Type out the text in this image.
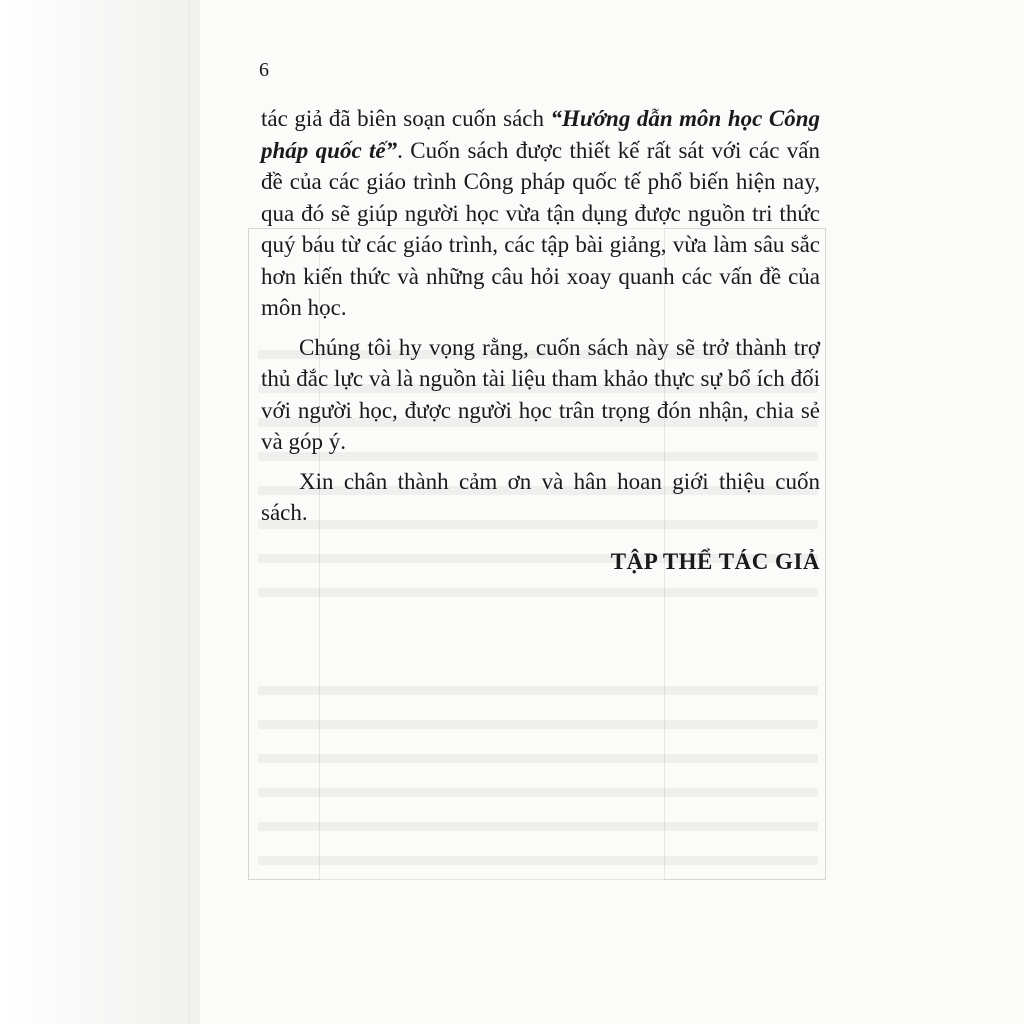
6

tác giả đã biên soạn cuốn sách “Hướng dẫn môn học Công pháp quốc tế”. Cuốn sách được thiết kế rất sát với các vấn đề của các giáo trình Công pháp quốc tế phổ biến hiện nay, qua đó sẽ giúp người học vừa tận dụng được nguồn tri thức quý báu từ các giáo trình, các tập bài giảng, vừa làm sâu sắc hơn kiến thức và những câu hỏi xoay quanh các vấn đề của môn học.

Chúng tôi hy vọng rằng, cuốn sách này sẽ trở thành trợ thủ đắc lực và là nguồn tài liệu tham khảo thực sự bổ ích đối với người học, được người học trân trọng đón nhận, chia sẻ và góp ý.

Xin chân thành cảm ơn và hân hoan giới thiệu cuốn sách.

TẬP THỂ TÁC GIẢ
